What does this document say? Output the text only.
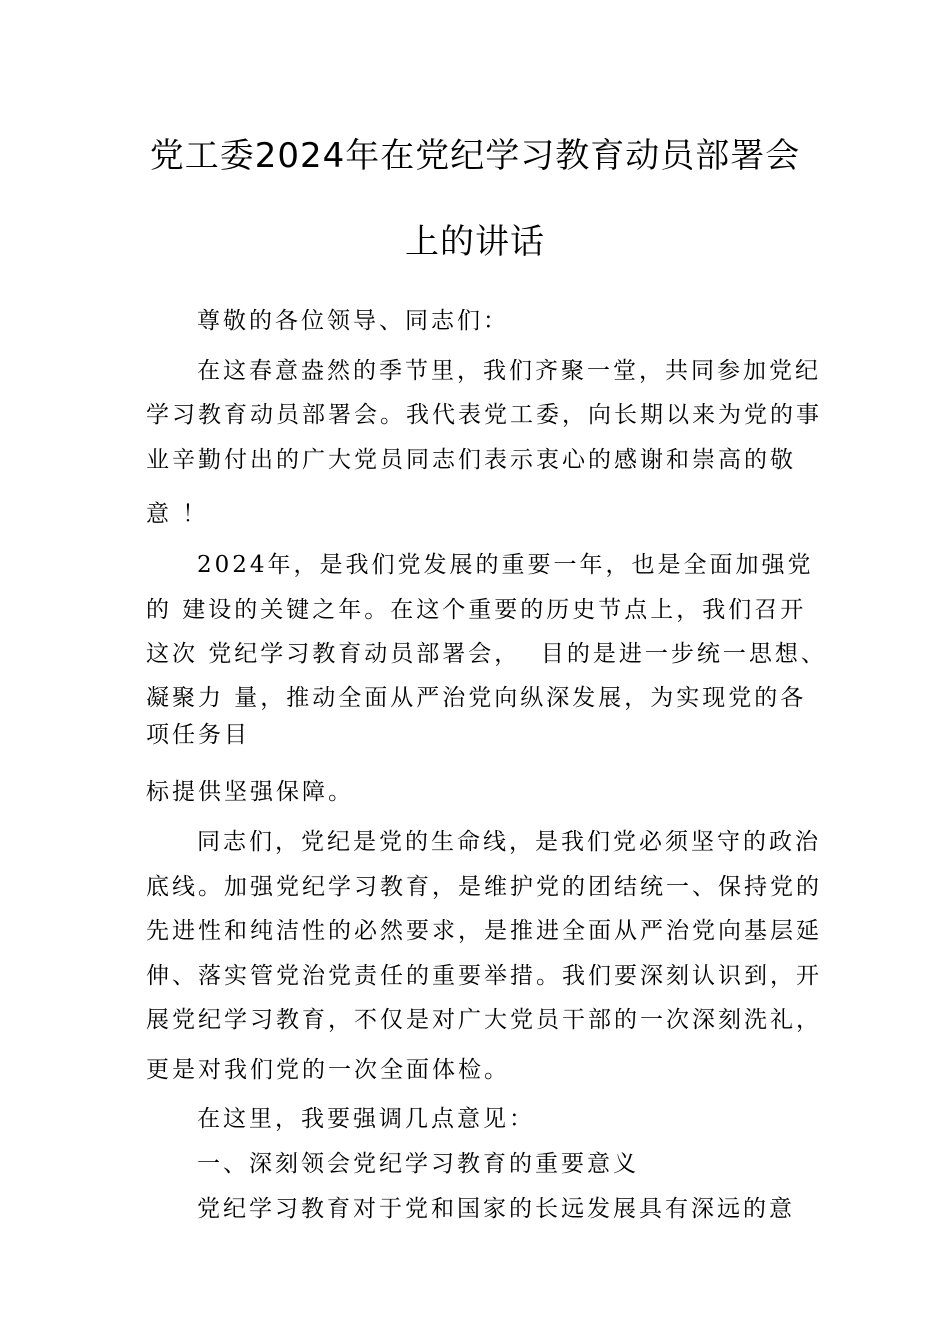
党工委2024年在党纪学习教育动员部署会
上的讲话
尊敬的各位领导、同志们：
在这春意盎然的季节里，我们齐聚一堂，共同参加党纪
学习教育动员部署会。我代表党工委，向长期以来为党的事
业辛勤付出的广大党员同志们表示衷心的感谢和崇高的敬
意 ！
2024年，是我们党发展的重要一年，也是全面加强党
的 建设的关键之年。在这个重要的历史节点上，我们召开
这次 党纪学习教育动员部署会，  目的是进一步统一思想、
凝聚力 量，推动全面从严治党向纵深发展，为实现党的各
项任务目
标提供坚强保障。
同志们，党纪是党的生命线，是我们党必须坚守的政治
底线。加强党纪学习教育，是维护党的团结统一、保持党的
先进性和纯洁性的必然要求，是推进全面从严治党向基层延
伸、落实管党治党责任的重要举措。我们要深刻认识到，开
展党纪学习教育，不仅是对广大党员干部的一次深刻洗礼，
更是对我们党的一次全面体检。
在这里，我要强调几点意见：
一、深刻领会党纪学习教育的重要意义
党纪学习教育对于党和国家的长远发展具有深远的意
